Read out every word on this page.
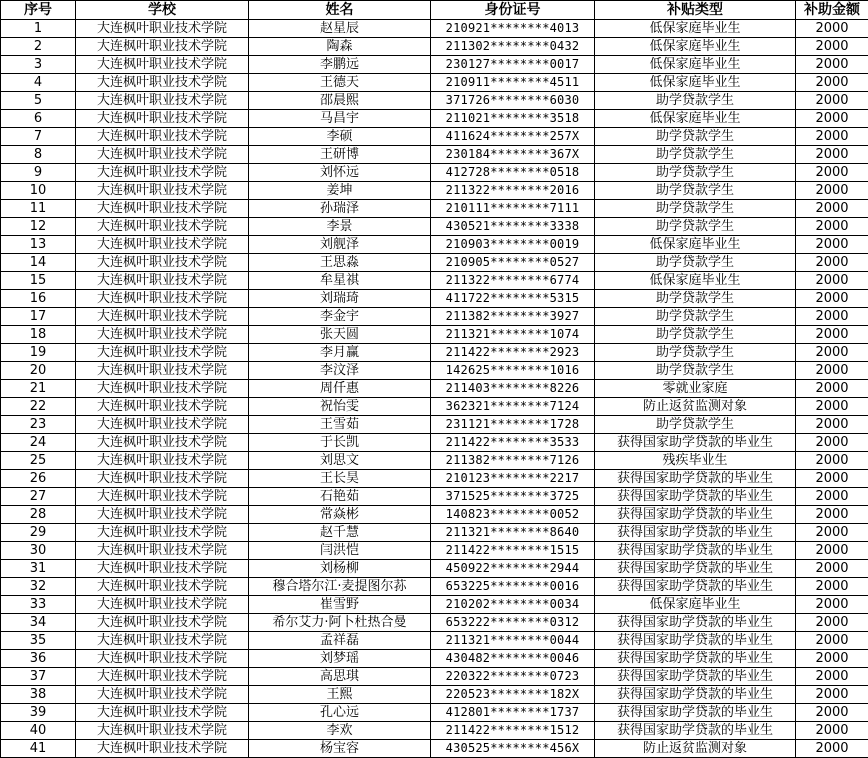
序号	学校	姓名	身份证号	补贴类型	补助金额
1	大连枫叶职业技术学院	赵星辰	210921********4013	低保家庭毕业生	2000
2	大连枫叶职业技术学院	陶森	211302********0432	低保家庭毕业生	2000
3	大连枫叶职业技术学院	李鹏远	230127********0017	低保家庭毕业生	2000
4	大连枫叶职业技术学院	王德天	210911********4511	低保家庭毕业生	2000
5	大连枫叶职业技术学院	邵晨熙	371726********6030	助学贷款学生	2000
6	大连枫叶职业技术学院	马昌宇	211021********3518	低保家庭毕业生	2000
7	大连枫叶职业技术学院	李硕	411624********257X	助学贷款学生	2000
8	大连枫叶职业技术学院	王研博	230184********367X	助学贷款学生	2000
9	大连枫叶职业技术学院	刘怀远	412728********0518	助学贷款学生	2000
10	大连枫叶职业技术学院	姜坤	211322********2016	助学贷款学生	2000
11	大连枫叶职业技术学院	孙瑞泽	210111********7111	助学贷款学生	2000
12	大连枫叶职业技术学院	李景	430521********3338	助学贷款学生	2000
13	大连枫叶职业技术学院	刘舰泽	210903********0019	低保家庭毕业生	2000
14	大连枫叶职业技术学院	王思淼	210905********0527	助学贷款学生	2000
15	大连枫叶职业技术学院	牟星祺	211322********6774	低保家庭毕业生	2000
16	大连枫叶职业技术学院	刘瑞琦	411722********5315	助学贷款学生	2000
17	大连枫叶职业技术学院	李金宇	211382********3927	助学贷款学生	2000
18	大连枫叶职业技术学院	张天圆	211321********1074	助学贷款学生	2000
19	大连枫叶职业技术学院	李月赢	211422********2923	助学贷款学生	2000
20	大连枫叶职业技术学院	李汶泽	142625********1016	助学贷款学生	2000
21	大连枫叶职业技术学院	周仟惠	211403********8226	零就业家庭	2000
22	大连枫叶职业技术学院	祝怡雯	362321********7124	防止返贫监测对象	2000
23	大连枫叶职业技术学院	王雪茹	231121********1728	助学贷款学生	2000
24	大连枫叶职业技术学院	于长凯	211422********3533	获得国家助学贷款的毕业生	2000
25	大连枫叶职业技术学院	刘思文	211382********7126	残疾毕业生	2000
26	大连枫叶职业技术学院	王长昊	210123********2217	获得国家助学贷款的毕业生	2000
27	大连枫叶职业技术学院	石艳茹	371525********3725	获得国家助学贷款的毕业生	2000
28	大连枫叶职业技术学院	常焱彬	140823********0052	获得国家助学贷款的毕业生	2000
29	大连枫叶职业技术学院	赵千慧	211321********8640	获得国家助学贷款的毕业生	2000
30	大连枫叶职业技术学院	闫洪恺	211422********1515	获得国家助学贷款的毕业生	2000
31	大连枫叶职业技术学院	刘杨柳	450922********2944	获得国家助学贷款的毕业生	2000
32	大连枫叶职业技术学院	穆合塔尔江·麦提图尔荪	653225********0016	获得国家助学贷款的毕业生	2000
33	大连枫叶职业技术学院	崔雪野	210202********0034	低保家庭毕业生	2000
34	大连枫叶职业技术学院	希尔艾力·阿卜杜热合曼	653222********0312	获得国家助学贷款的毕业生	2000
35	大连枫叶职业技术学院	孟祥磊	211321********0044	获得国家助学贷款的毕业生	2000
36	大连枫叶职业技术学院	刘梦瑶	430482********0046	获得国家助学贷款的毕业生	2000
37	大连枫叶职业技术学院	高思琪	220322********0723	获得国家助学贷款的毕业生	2000
38	大连枫叶职业技术学院	王熙	220523********182X	获得国家助学贷款的毕业生	2000
39	大连枫叶职业技术学院	孔心远	412801********1737	获得国家助学贷款的毕业生	2000
40	大连枫叶职业技术学院	李欢	211422********1512	获得国家助学贷款的毕业生	2000
41	大连枫叶职业技术学院	杨宝容	430525********456X	防止返贫监测对象	2000
